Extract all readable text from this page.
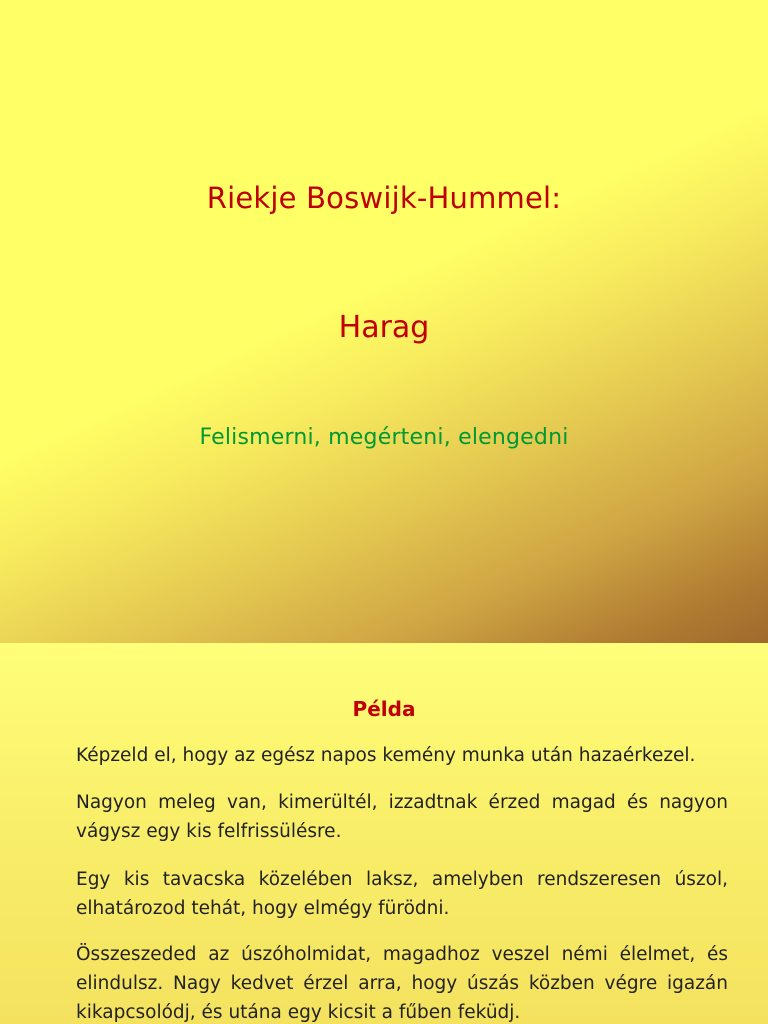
Riekje Boswijk-Hummel:
Harag
Felismerni, megérteni, elengedni
Példa
Képzeld el, hogy az egész napos kemény munka után hazaérkezel.
Nagyon meleg van, kimerültél, izzadtnak érzed magad és nagyon vágysz egy kis felfrissülésre.
Egy kis tavacska közelében laksz, amelyben rendszeresen úszol, elhatározod tehát, hogy elmégy fürödni.
Összeszeded az úszóholmidat, magadhoz veszel némi élelmet, és elindulsz. Nagy kedvet érzel arra, hogy úszás közben végre igazán kikapcsolódj, és utána egy kicsit a fűben feküdj.
